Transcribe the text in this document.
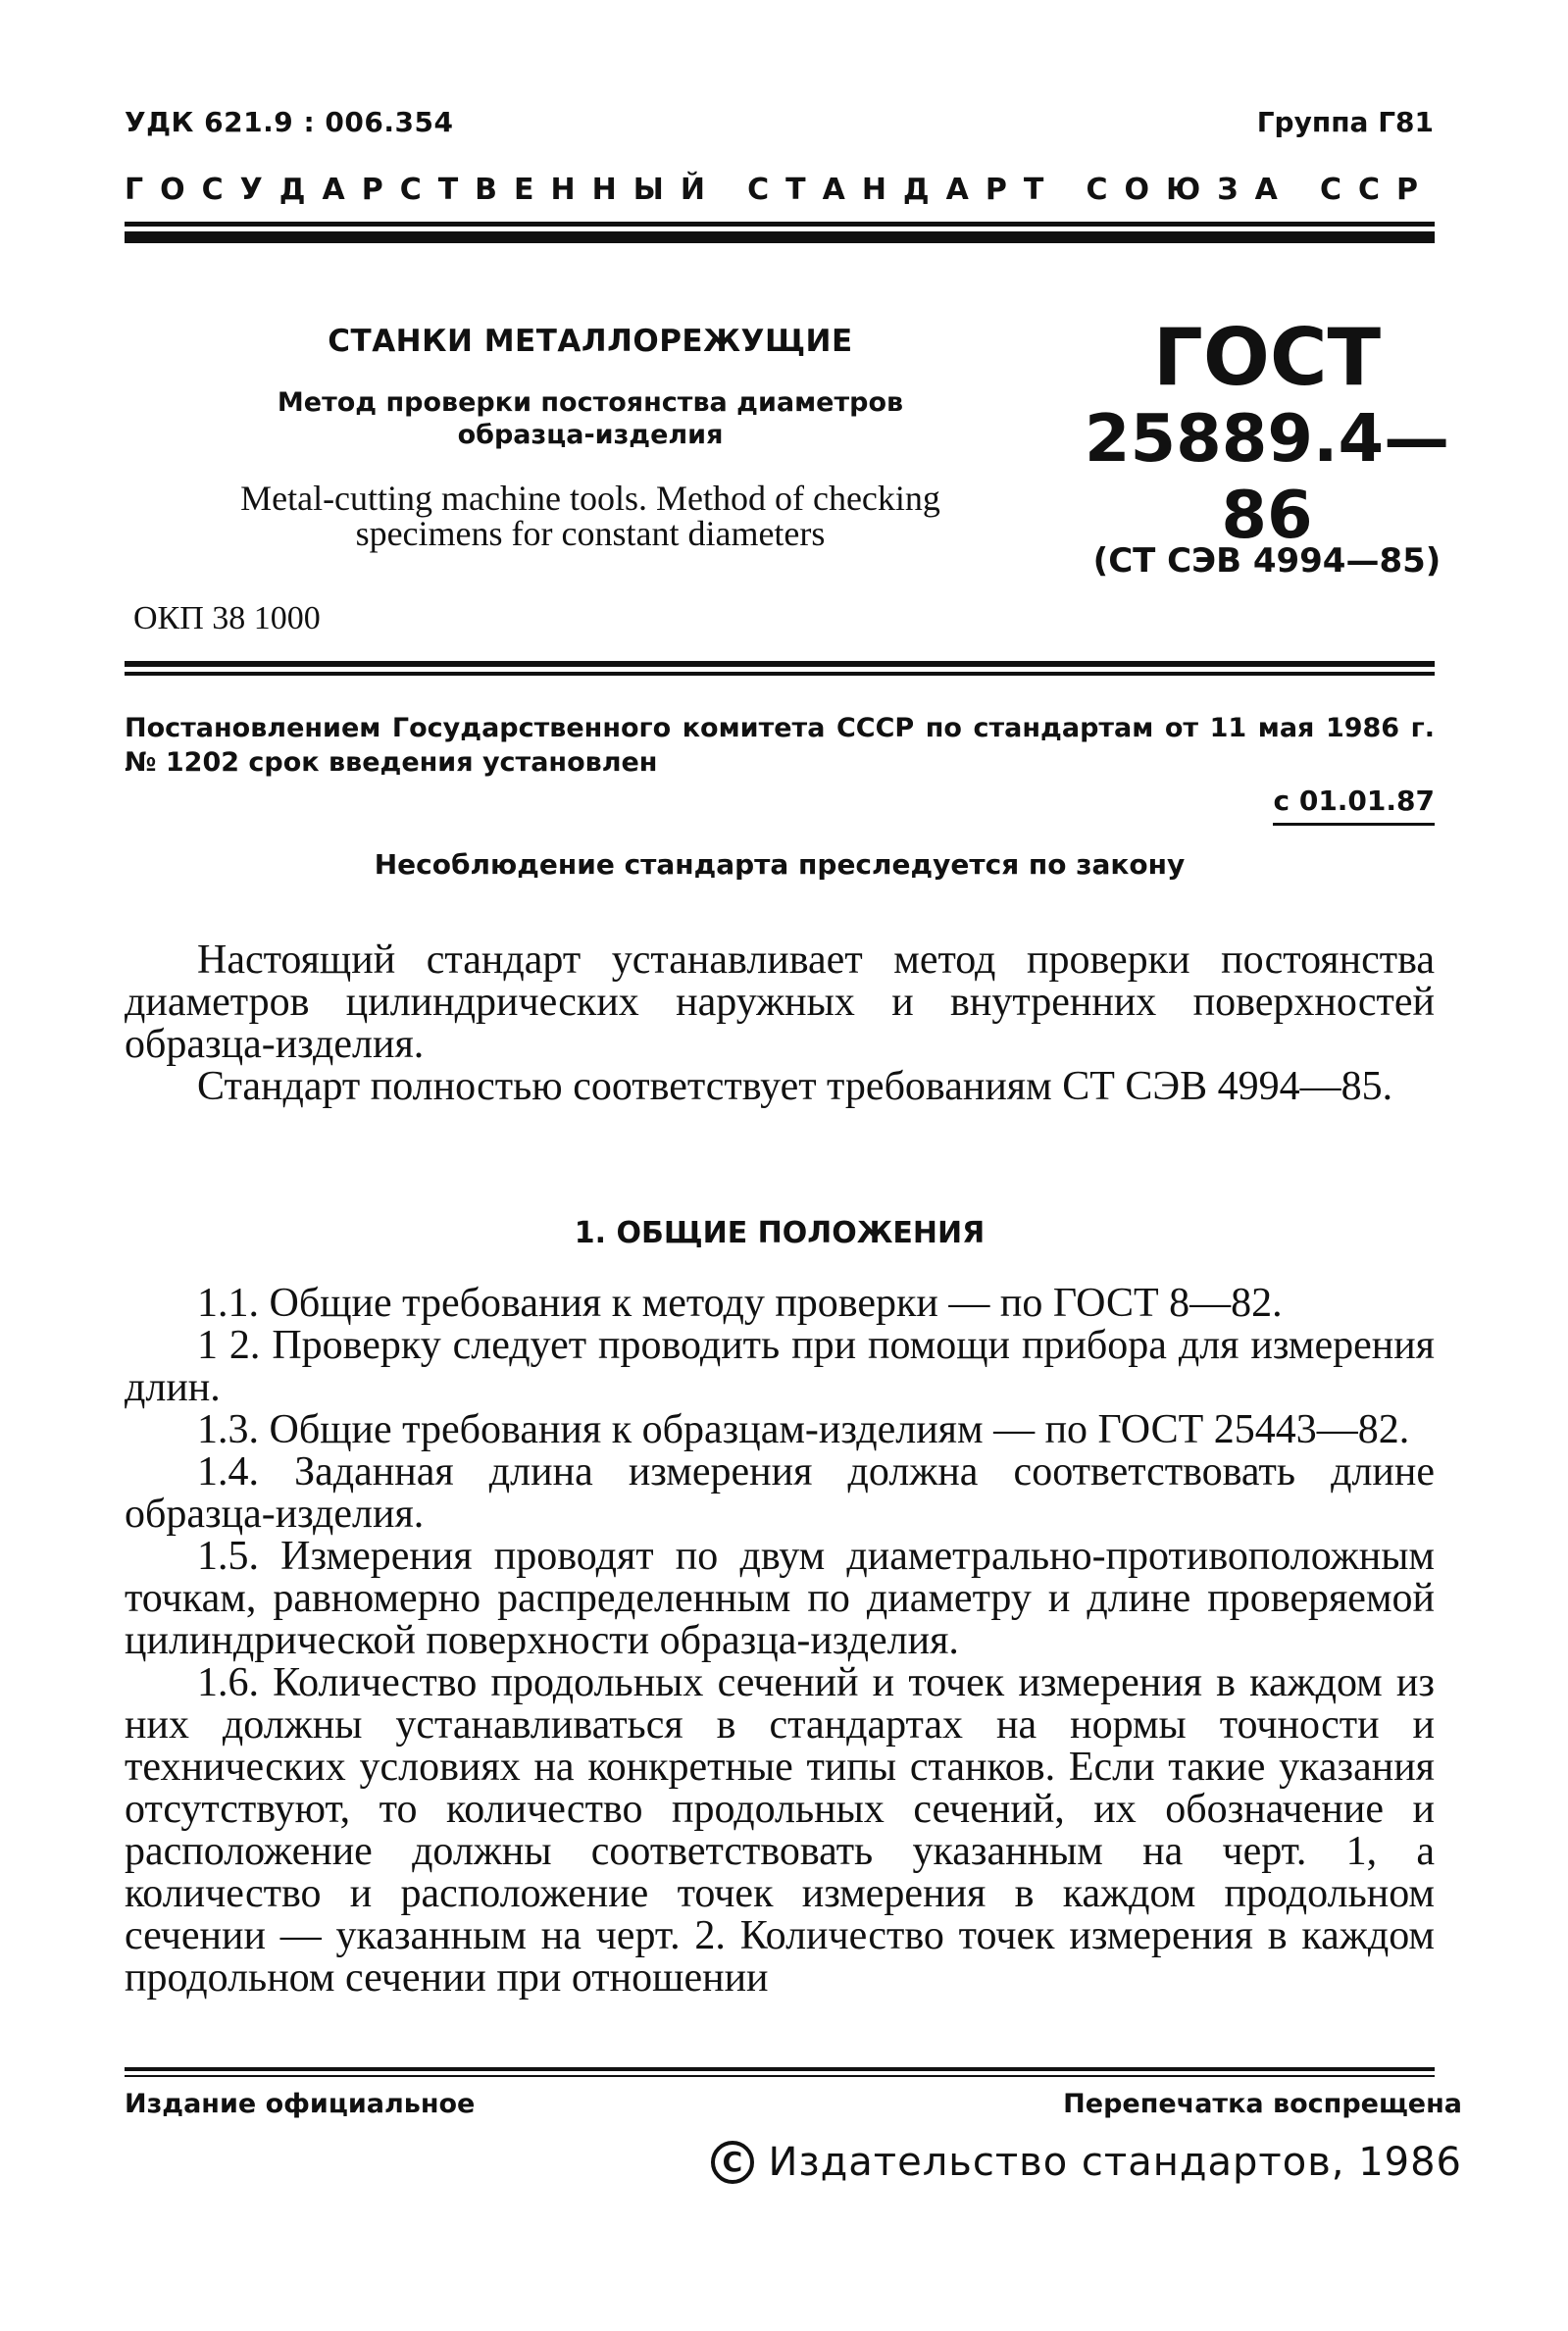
УДК 621.9 : 006.354	Группа Г81
ГОСУДАРСТВЕННЫЙ СТАНДАРТ СОЮЗА ССР
СТАНКИ МЕТАЛЛОРЕЖУЩИЕ
Метод проверки постоянства диаметров
образца-изделия
Metal-cutting machine tools. Method of checking
specimens for constant diameters
ОКП 38 1000
ГОСТ
25889.4—86
(СТ СЭВ 4994—85)
Постановлением Государственного комитета СССР по стандартам от 11 мая 1986 г. № 1202 срок введения установлен
с 01.01.87
Несоблюдение стандарта преследуется по закону

Настоящий стандарт устанавливает метод проверки постоянства диаметров цилиндрических наружных и внутренних поверхностей образца-изделия.

Стандарт полностью соответствует требованиям СТ СЭВ 4994—85.

1. ОБЩИЕ ПОЛОЖЕНИЯ

1.1. Общие требования к методу проверки — по ГОСТ 8—82.

1 2. Проверку следует проводить при помощи прибора для измерения длин.

1.3. Общие требования к образцам-изделиям — по ГОСТ 25443—82.

1.4. Заданная длина измерения должна соответствовать длине образца-изделия.

1.5. Измерения проводят по двум диаметрально-противоположным точкам, равномерно распределенным по диаметру и длине проверяемой цилиндрической поверхности образца-изделия.

1.6. Количество продольных сечений и точек измерения в каждом из них должны устанавливаться в стандартах на нормы точности и технических условиях на конкретные типы станков. Если такие указания отсутствуют, то количество продольных сечений, их обозначение и расположение должны соответствовать указанным на черт. 1, а количество и расположение точек измерения в каждом продольном сечении — указанным на черт. 2. Количество точек измерения в каждом продольном сечении при отношении

Издание официальное	Перепечатка воспрещена
С Издательство стандартов, 1986
